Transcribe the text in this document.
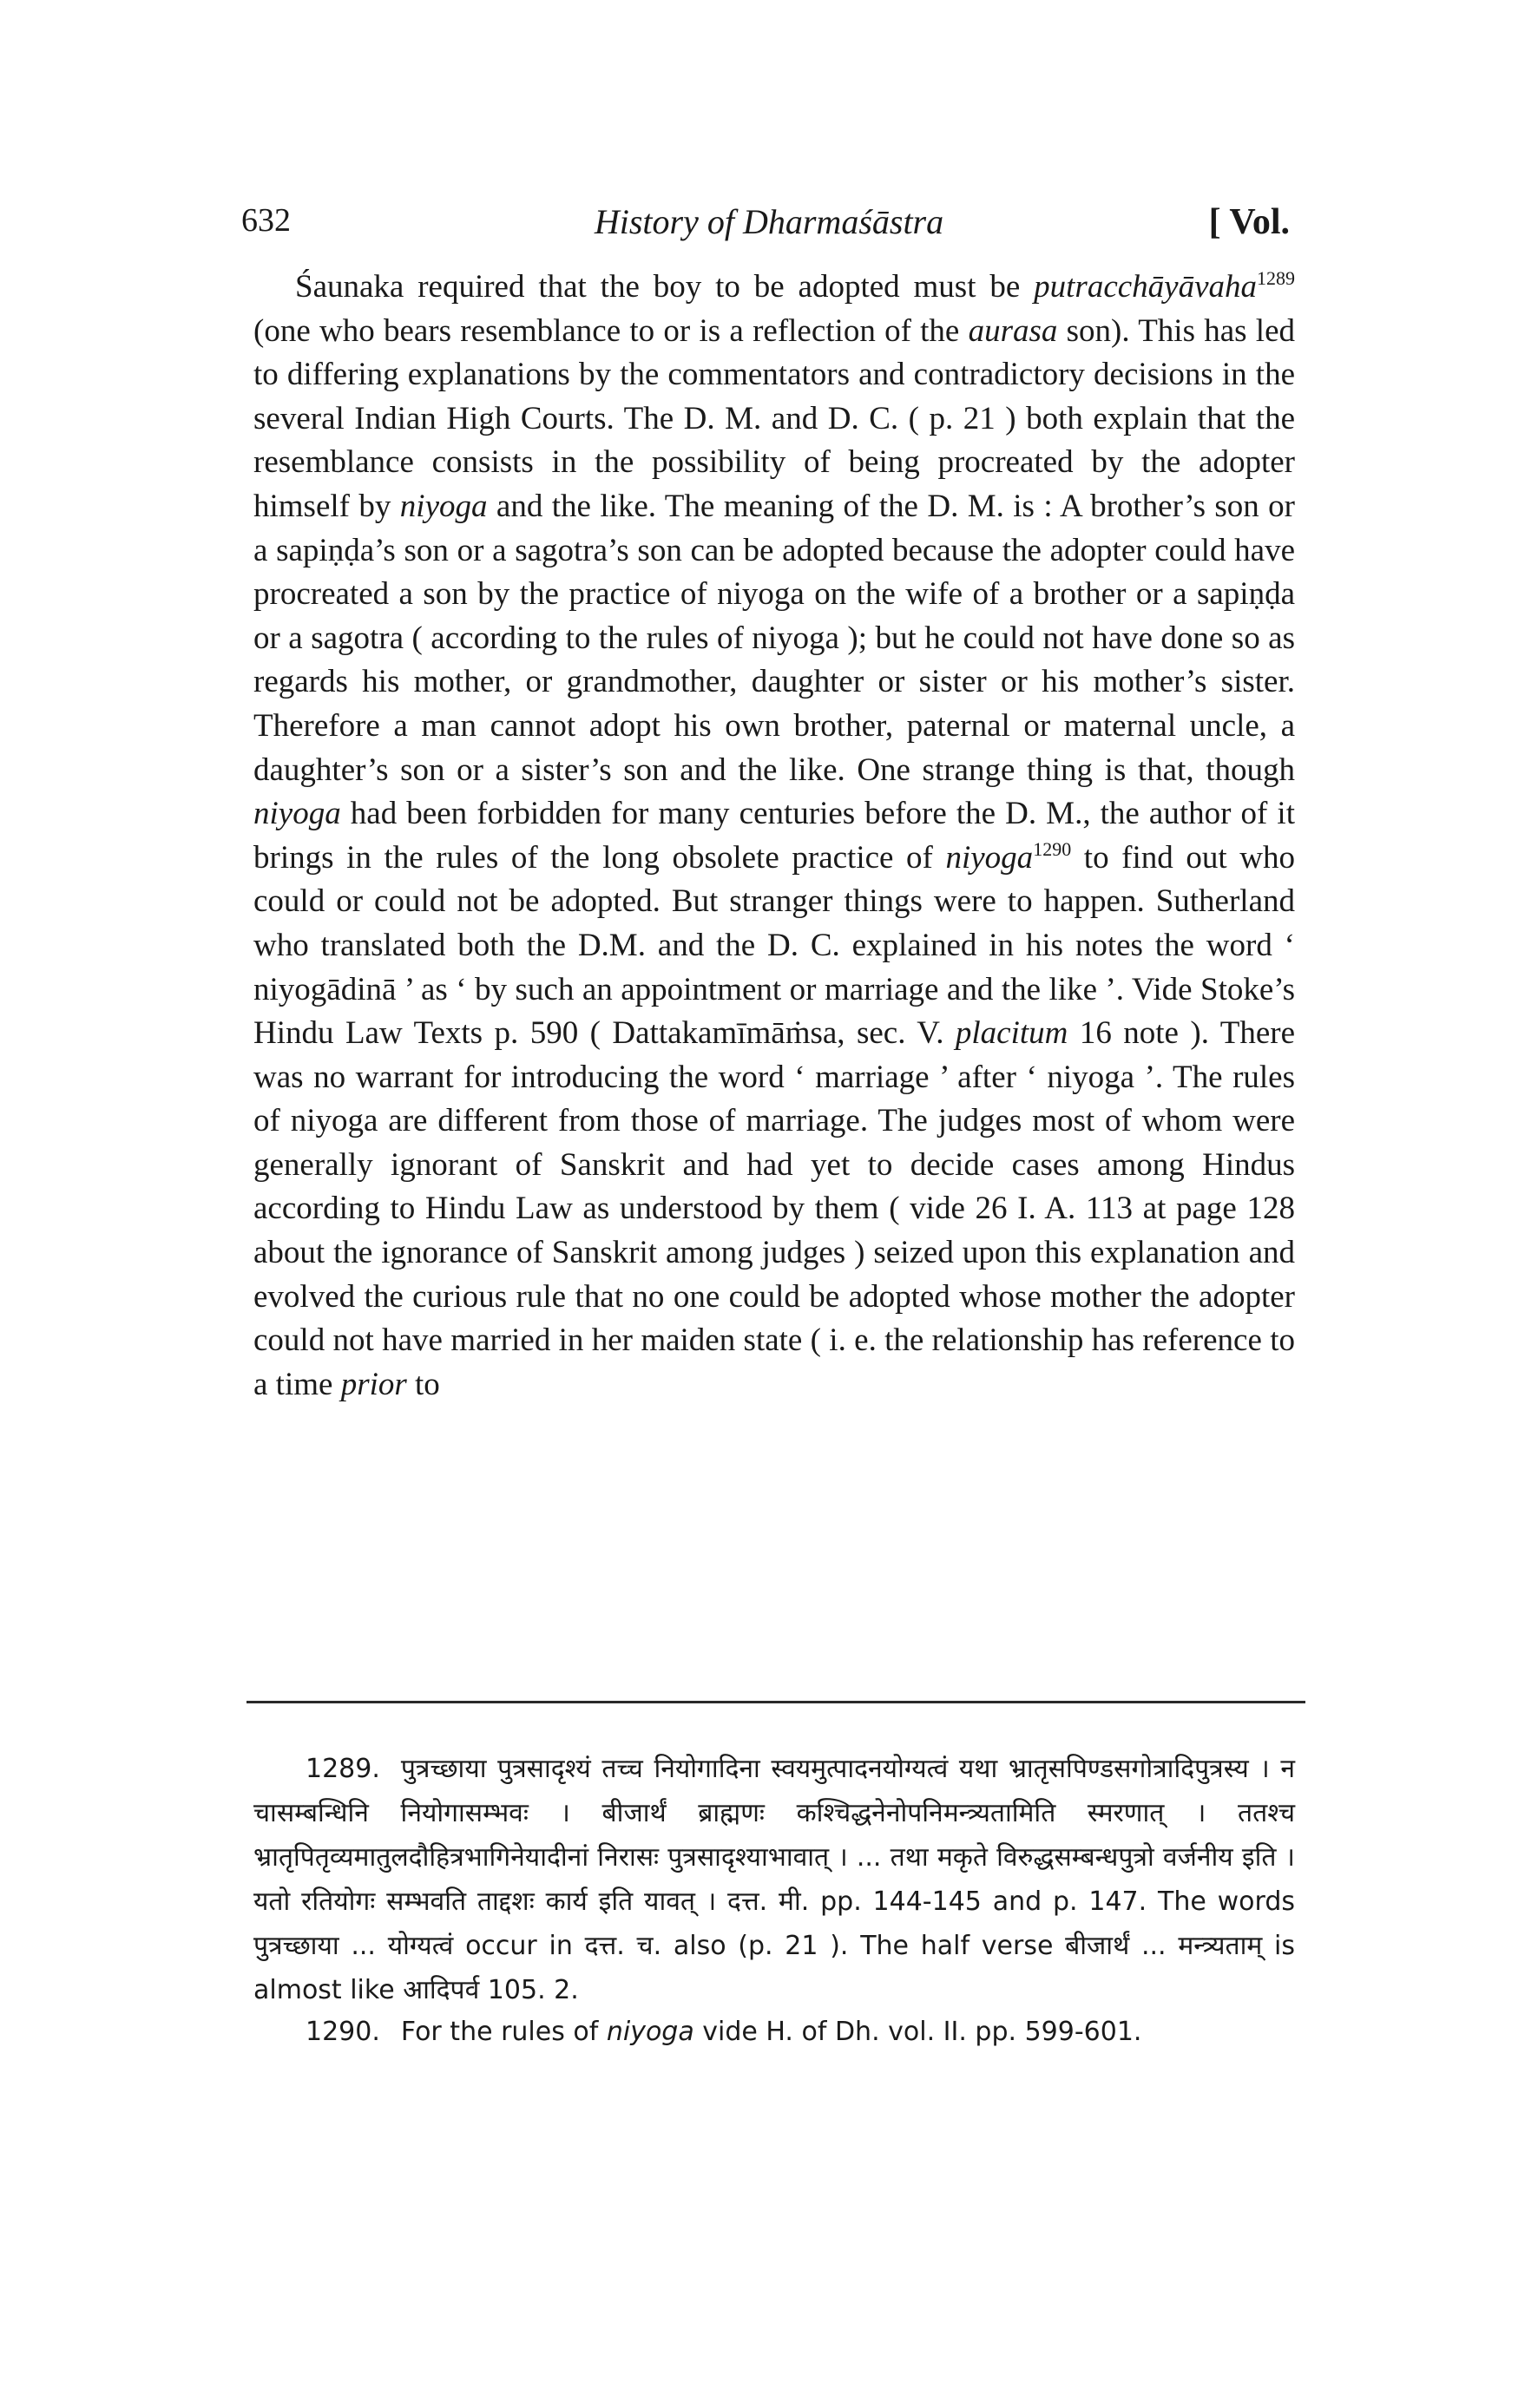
632	History of Dharmaśāstra	[ Vol.

Śaunaka required that the boy to be adopted must be putracchāyāvaha$^{1289}$ (one who bears resemblance to or is a reflection of the aurasa son). This has led to differing explanations by the commentators and contradictory decisions in the several Indian High Courts. The D. M. and D. C. ( p. 21 ) both explain that the resemblance consists in the possibility of being procreated by the adopter himself by niyoga and the like. The meaning of the D. M. is : A brother’s son or a sapiṇḍa’s son or a sagotra’s son can be adopted because the adopter could have procreated a son by the practice of niyoga on the wife of a brother or a sapiṇḍa or a sagotra ( according to the rules of niyoga ); but he could not have done so as regards his mother, or grandmother, daughter or sister or his mother’s sister. Therefore a man cannot adopt his own brother, paternal or maternal uncle, a daughter’s son or a sister’s son and the like. One strange thing is that, though niyoga had been forbidden for many centuries before the D. M., the author of it brings in the rules of the long obsolete practice of niyoga$^{1290}$ to find out who could or could not be adopted. But stranger things were to happen. Sutherland who translated both the D.M. and the D. C. explained in his notes the word ‘ niyogādinā ’ as ‘ by such an appointment or marriage and the like ’. Vide Stoke’s Hindu Law Texts p. 590 ( Dattakamīmāṁsa, sec. V. placitum 16 note ). There was no warrant for introducing the word ‘ marriage ’ after ‘ niyoga ’. The rules of niyoga are different from those of marriage. The judges most of whom were generally ignorant of Sanskrit and had yet to decide cases among Hindus according to Hindu Law as understood by them ( vide 26 I. A. 113 at page 128 about the ignorance of Sanskrit among judges ) seized upon this explanation and evolved the curious rule that no one could be adopted whose mother the adopter could not have married in her maiden state ( i. e. the relationship has reference to a time prior to

1289. पुत्रच्छाया पुत्रसादृश्यं तच्च नियोगादिना स्वयमुत्पादनयोग्यत्वं यथा भ्रातृसपिण्डसगोत्रादिपुत्रस्य । न चासम्बन्धिनि नियोगासम्भवः । बीजार्थं ब्राह्मणः कश्चिद्धनेनोपनिमन्त्र्यतामिति स्मरणात् । ततश्च भ्रातृपितृव्यमातुलदौहित्रभागिनेयादीनां निरासः पुत्रसादृश्याभावात् । ... तथा मकृते विरुद्धसम्बन्धपुत्रो वर्जनीय इति । यतो रतियोगः सम्भवति ताद्दशः कार्य इति यावत् । दत्त. मी. pp. 144-145 and p. 147. The words पुत्रच्छाया ... योग्यत्वं occur in दत्त. च. also (p. 21 ). The half verse बीजार्थं ... मन्त्र्यताम् is almost like आदिपर्व 105. 2.
1290. For the rules of niyoga vide H. of Dh. vol. II. pp. 599-601.
